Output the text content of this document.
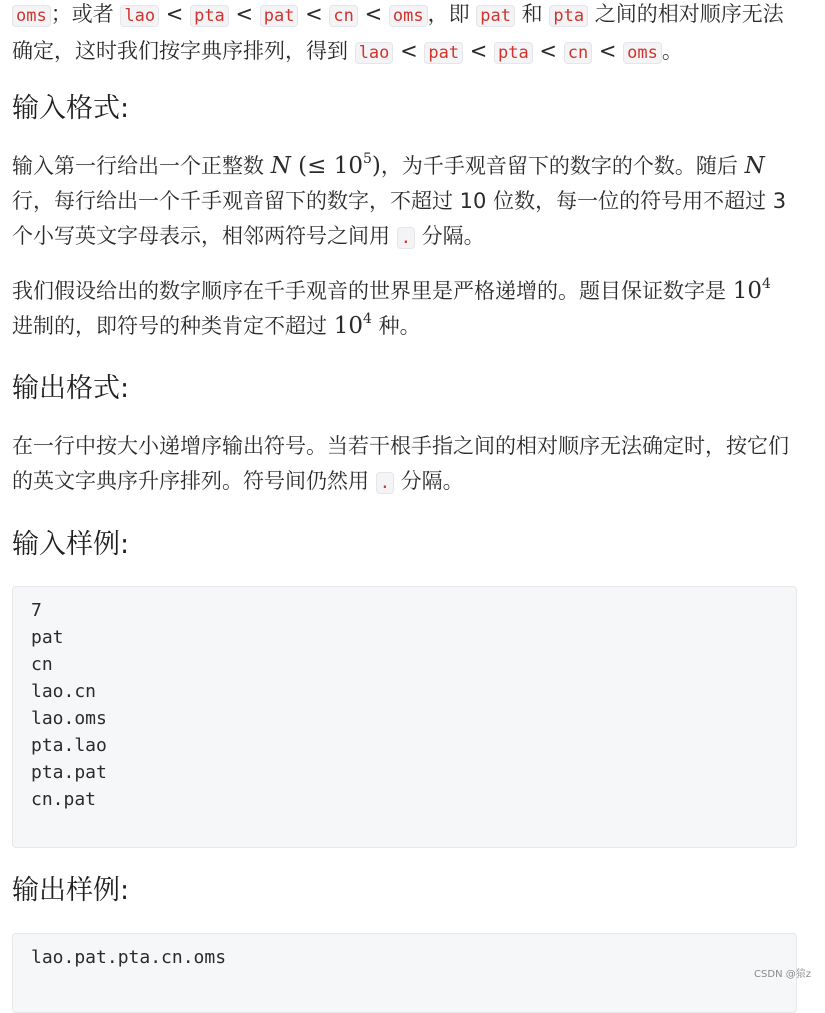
oms ；或者 lao < pta < pat < cn < oms ，即 pat 和 pta 之间的相对顺序无法确定，这时我们按字典序排列，得到 lao < pat < pta < cn < oms 。

输入格式:

输入第一行给出一个正整数 N (≤ $10^5$)，为千手观音留下的数字的个数。随后 N 行，每行给出一个千手观音留下的数字，不超过 10 位数，每一位的符号用不超过 3 个小写英文字母表示，相邻两符号之间用 . 分隔。

我们假设给出的数字顺序在千手观音的世界里是严格递增的。题目保证数字是 $10^4$ 进制的，即符号的种类肯定不超过 $10^4$ 种。

输出格式:

在一行中按大小递增序输出符号。当若干根手指之间的相对顺序无法确定时，按它们的英文字典序升序排列。符号间仍然用 . 分隔。

输入样例:
7
pat
cn
lao.cn
lao.oms
pta.lao
pta.pat
cn.pat
输出样例:
lao.pat.pta.cn.oms
CSDN @猿z
